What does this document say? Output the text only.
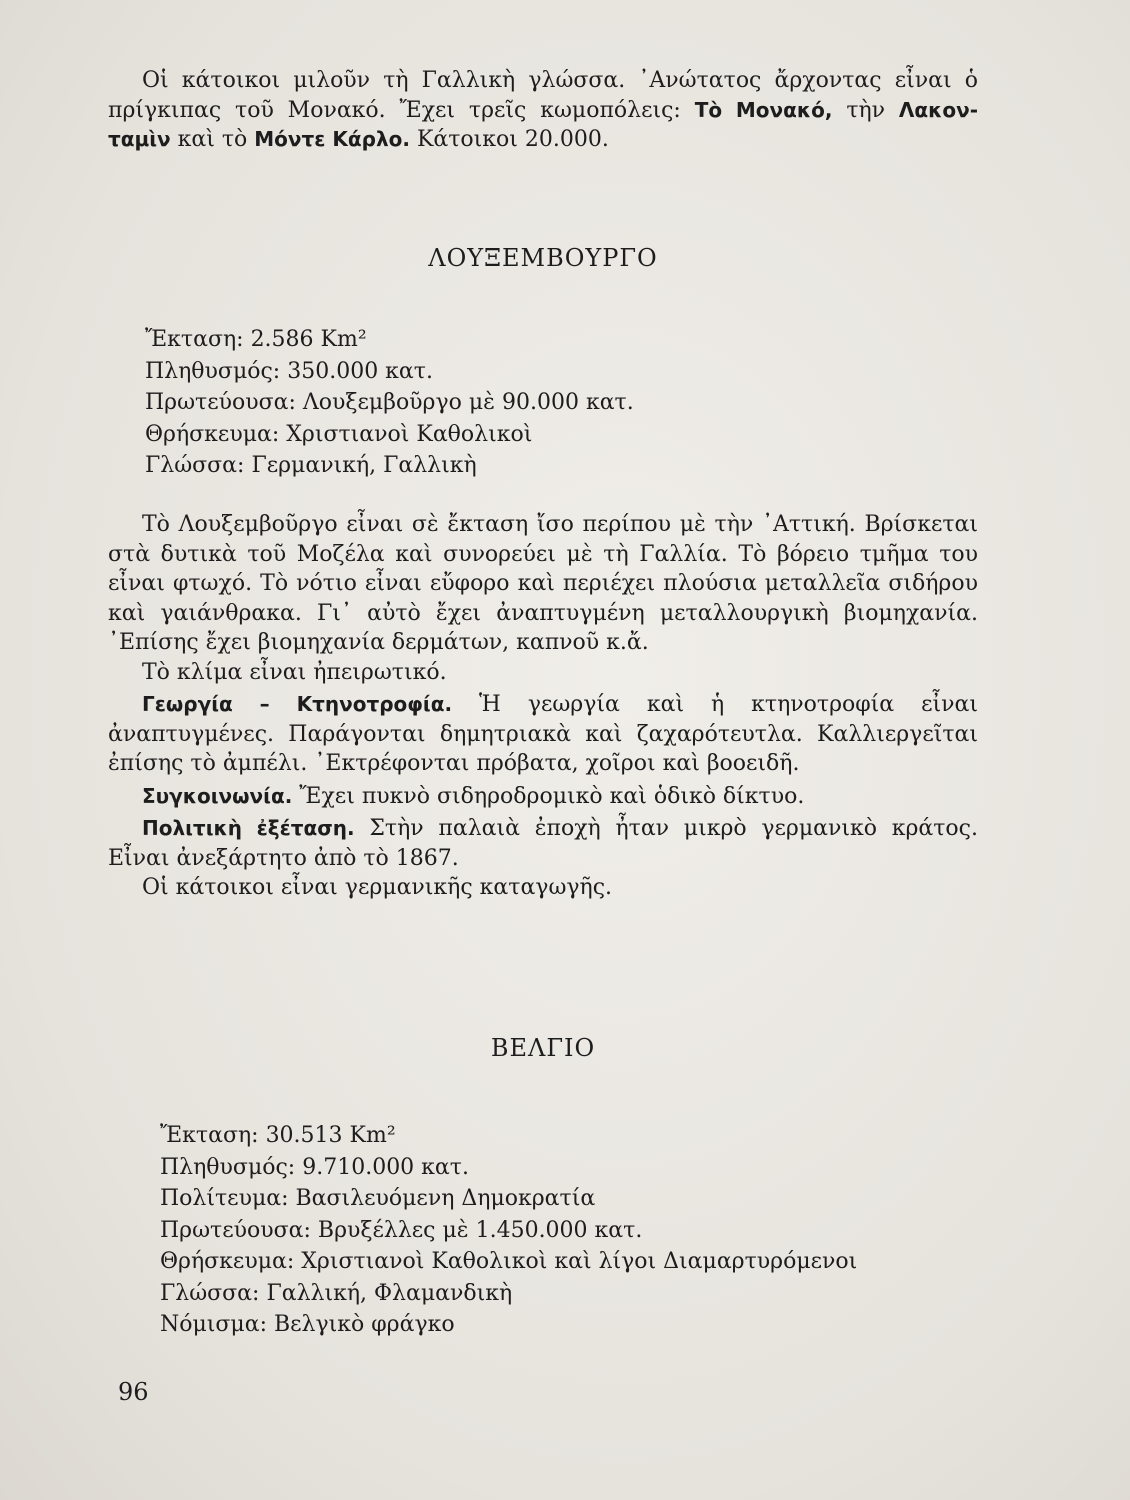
Οἱ κάτοικοι μιλοῦν τὴ Γαλλικὴ γλώσσα. ᾿Ανώτατος ἄρχοντας εἶναι ὁ πρίγκιπας τοῦ Μονακό. Ἔχει τρεῖς κωμοπόλεις: Τὸ Μονακό, τὴν Λακον-ταμὶν καὶ τὸ Μόντε Κάρλο. Κάτοικοι 20.000.

ΛΟΥΞΕΜΒΟΥΡΓΟ
Ἔκταση: 2.586 Km²
Πληθυσμός: 350.000 κατ.
Πρωτεύουσα: Λουξεμβοῦργο μὲ 90.000 κατ.
Θρήσκευμα: Χριστιανοὶ Καθολικοὶ
Γλώσσα: Γερμανική, Γαλλικὴ

Τὸ Λουξεμβοῦργο εἶναι σὲ ἔκταση ἴσο περίπου μὲ τὴν ᾿Αττική. Βρίσκεται στὰ δυτικὰ τοῦ Μοζέλα καὶ συνορεύει μὲ τὴ Γαλλία. Τὸ βόρειο τμῆμα του εἶναι φτωχό. Τὸ νότιο εἶναι εὔφορο καὶ περιέχει πλούσια μεταλλεῖα σιδήρου καὶ γαιάνθρακα. Γι᾿ αὐτὸ ἔχει ἀναπτυγμένη μεταλλουργικὴ βιομηχανία. ᾿Επίσης ἔχει βιομηχανία δερμάτων, καπνοῦ κ.ἄ.

Τὸ κλίμα εἶναι ἠπειρωτικό.

Γεωργία – Κτηνοτροφία. Ἡ γεωργία καὶ ἡ κτηνοτροφία εἶναι ἀναπτυγμένες. Παράγονται δημητριακὰ καὶ ζαχαρότευτλα. Καλλιεργεῖται ἐπίσης τὸ ἀμπέλι. ᾿Εκτρέφονται πρόβατα, χοῖροι καὶ βοοειδῆ.

Συγκοινωνία. Ἔχει πυκνὸ σιδηροδρομικὸ καὶ ὁδικὸ δίκτυο.

Πολιτικὴ ἐξέταση. Στὴν παλαιὰ ἐποχὴ ἦταν μικρὸ γερμανικὸ κράτος. Εἶναι ἀνεξάρτητο ἀπὸ τὸ 1867.

Οἱ κάτοικοι εἶναι γερμανικῆς καταγωγῆς.

ΒΕΛΓΙΟ
Ἔκταση: 30.513 Km²
Πληθυσμός: 9.710.000 κατ.
Πολίτευμα: Βασιλευόμενη Δημοκρατία
Πρωτεύουσα: Βρυξέλλες μὲ 1.450.000 κατ.
Θρήσκευμα: Χριστιανοὶ Καθολικοὶ καὶ λίγοι Διαμαρτυρόμενοι
Γλώσσα: Γαλλική, Φλαμανδικὴ
Νόμισμα: Βελγικὸ φράγκο
96
